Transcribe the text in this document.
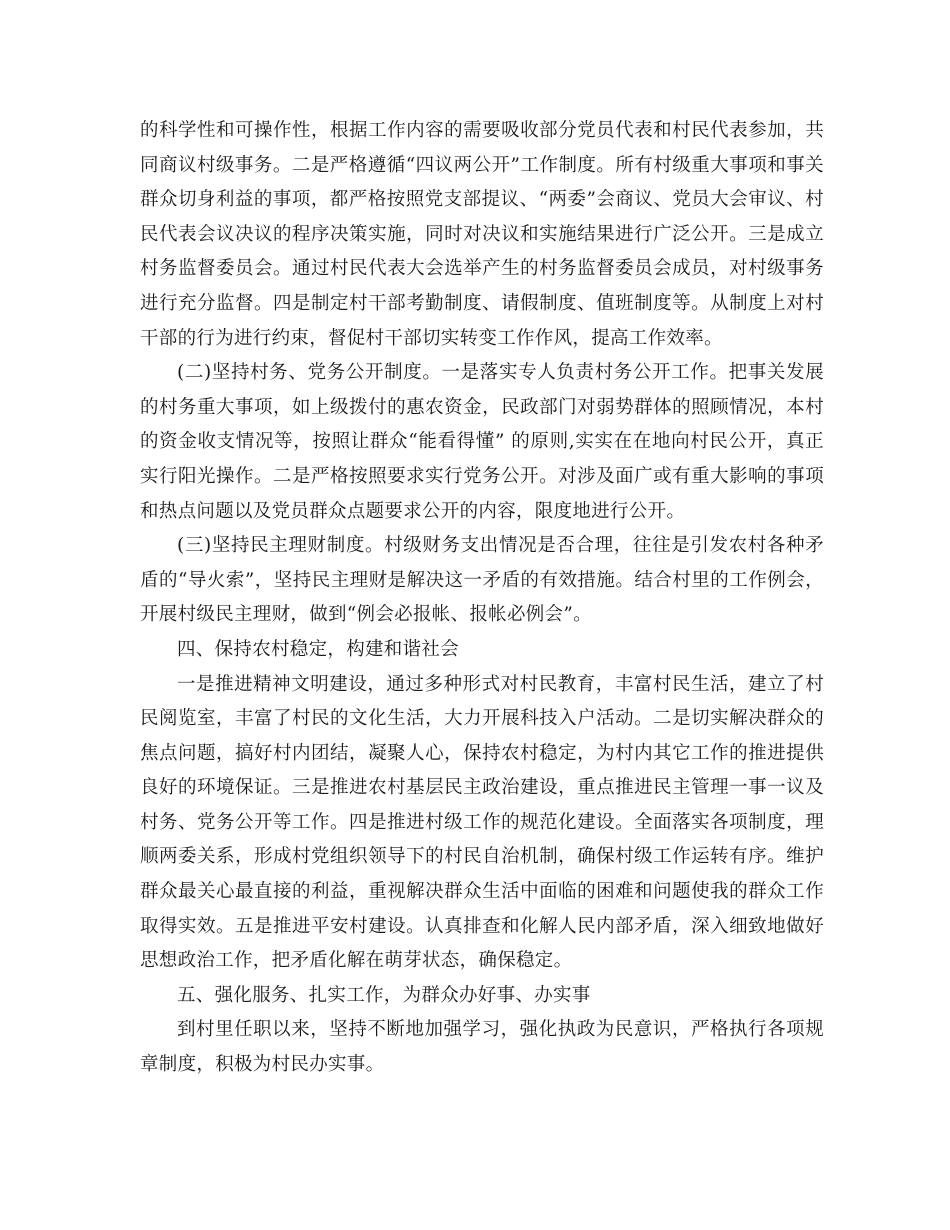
的科学性和可操作性，根据工作内容的需要吸收部分党员代表和村民代表参加，共同商议村级事务。二是严格遵循“四议两公开”工作制度。所有村级重大事项和事关群众切身利益的事项，都严格按照党支部提议、“两委”会商议、党员大会审议、村民代表会议决议的程序决策实施，同时对决议和实施结果进行广泛公开。三是成立村务监督委员会。通过村民代表大会选举产生的村务监督委员会成员，对村级事务进行充分监督。四是制定村干部考勤制度、请假制度、值班制度等。从制度上对村干部的行为进行约束，督促村干部切实转变工作作风，提高工作效率。

(二)坚持村务、党务公开制度。一是落实专人负责村务公开工作。把事关发展的村务重大事项，如上级拨付的惠农资金，民政部门对弱势群体的照顾情况，本村的资金收支情况等，按照让群众“能看得懂” 的原则,实实在在地向村民公开，真正实行阳光操作。二是严格按照要求实行党务公开。对涉及面广或有重大影响的事项和热点问题以及党员群众点题要求公开的内容，限度地进行公开。

(三)坚持民主理财制度。村级财务支出情况是否合理，往往是引发农村各种矛盾的“导火索”，坚持民主理财是解决这一矛盾的有效措施。结合村里的工作例会，开展村级民主理财，做到“例会必报帐、报帐必例会”。

四、保持农村稳定，构建和谐社会

一是推进精神文明建设，通过多种形式对村民教育，丰富村民生活，建立了村民阅览室，丰富了村民的文化生活，大力开展科技入户活动。二是切实解决群众的焦点问题，搞好村内团结，凝聚人心，保持农村稳定，为村内其它工作的推进提供良好的环境保证。三是推进农村基层民主政治建设，重点推进民主管理一事一议及村务、党务公开等工作。四是推进村级工作的规范化建设。全面落实各项制度，理顺两委关系，形成村党组织领导下的村民自治机制，确保村级工作运转有序。维护群众最关心最直接的利益，重视解决群众生活中面临的困难和问题使我的群众工作取得实效。五是推进平安村建设。认真排查和化解人民内部矛盾，深入细致地做好思想政治工作，把矛盾化解在萌芽状态，确保稳定。

五、强化服务、扎实工作，为群众办好事、办实事

到村里任职以来，坚持不断地加强学习，强化执政为民意识，严格执行各项规章制度，积极为村民办实事。
